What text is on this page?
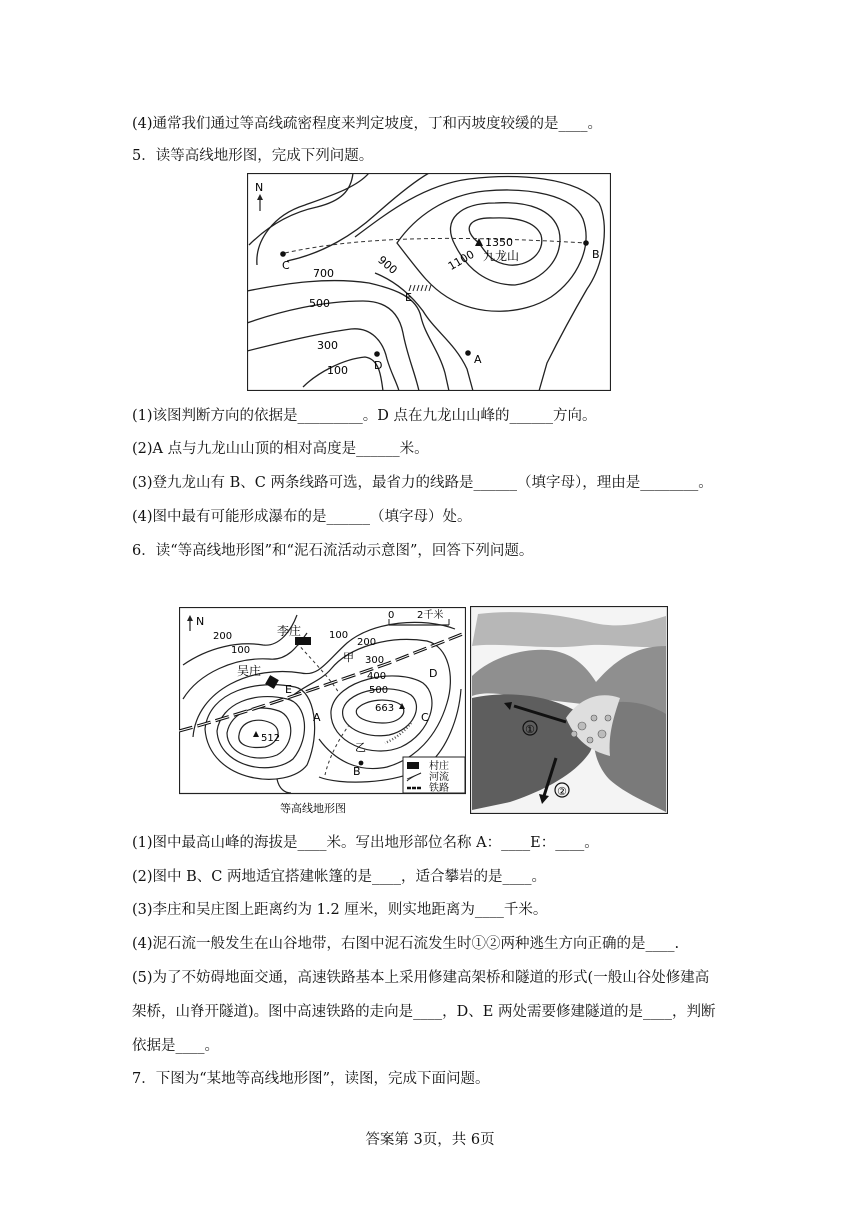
(4)通常我们通过等高线疏密程度来判定坡度，丁和丙坡度较缓的是____。
5．读等高线地形图，完成下列问题。
N
1350
九龙山
700	900	1100
500
300
100
A
B
C
D
E
(1)该图判断方向的依据是_________。D 点在九龙山山峰的______方向。
(2)A 点与九龙山山顶的相对高度是______米。
(3)登九龙山有 B、C 两条线路可选，最省力的线路是______（填字母），理由是________。
(4)图中最有可能形成瀑布的是______（填字母）处。
6．读“等高线地形图”和“泥石流活动示意图”，回答下列问题。
N	0 2千米
李庄
吴庄
200
100
100
200
300
400
500
512
663
甲
乙
A
B
C
D
E
村庄
河流
铁路
等高线地形图
①
②
(1)图中最高山峰的海拔是____米。写出地形部位名称 A：____E：____。
(2)图中 B、C 两地适宜搭建帐篷的是____，适合攀岩的是____。
(3)李庄和吴庄图上距离约为 1.2 厘米，则实地距离为____千米。
(4)泥石流一般发生在山谷地带，右图中泥石流发生时①②两种逃生方向正确的是____.
(5)为了不妨碍地面交通，高速铁路基本上采用修建高架桥和隧道的形式(一般山谷处修建高
架桥，山脊开隧道)。图中高速铁路的走向是____，D、E 两处需要修建隧道的是____，判断
依据是____。
7．下图为“某地等高线地形图”，读图，完成下面问题。
答案第 3页，共 6页
